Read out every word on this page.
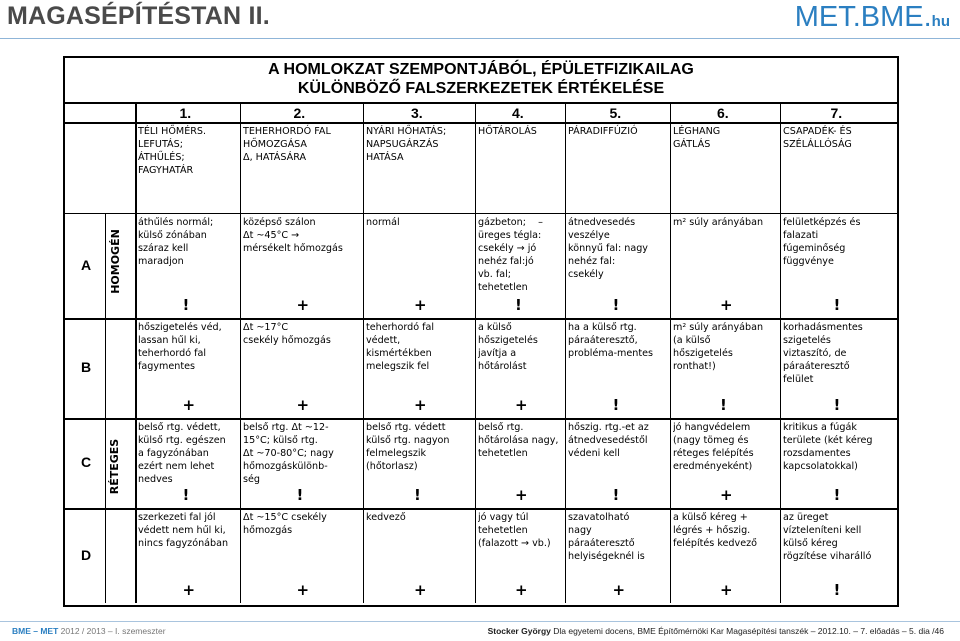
MAGASÉPÍTÉSTAN II.	MET.BME.hu
A HOMLOKZAT SZEMPONTJÁBÓL, ÉPÜLETFIZIKAILAG
KÜLÖNBÖZŐ FALSZERKEZETEK ÉRTÉKELÉSE
1.
TÉLI HŐMÉRS.
LEFUTÁS;
ÁTHŰLÉS;
FAGYHATÁR
2.
TEHERHORDÓ FAL
HŐMOZGÁSA
Δ, HATÁSÁRA
3.
NYÁRI HŐHATÁS;
NAPSUGÁRZÁS
HATÁSA
4.
HŐTÁROLÁS
5.
PÁRADIFFÚZIÓ
6.
LÉGHANG
GÁTLÁS
7.
CSAPADÉK- ÉS
SZÉLÁLLÓSÁG
HOMOGÉN
RÉTEGES
A
áthűlés normál;
külső zónában
száraz kell
maradjon
!
középső szálon
Δt ~45°C →
mérsékelt hőmozgás
+
normál
+
gázbeton;    –
üreges tégla:
csekély → jó
nehéz fal:jó
vb. fal;
tehetetlen
!
átnedvesedés
veszélye
könnyű fal: nagy
nehéz fal:
csekély
!
m² súly arányában
+
felületképzés és
falazati
fúgeminőség
függvénye
!
B
hőszigetelés véd,
lassan hűl ki,
teherhordó fal
fagymentes
+
Δt ~17°C
csekély hőmozgás
+
teherhordó fal
védett,
kismértékben
melegszik fel
+
a külső
hőszigetelés
javítja a
hőtárolást
+
ha a külső rtg.
páraáteresztő,
probléma-mentes
!
m² súly arányában
(a külső
hőszigetelés
ronthat!)
!
korhadásmentes
szigetelés
viztaszító, de
páraáteresztő
felület
!
C
belső rtg. védett,
külső rtg. egészen
a fagyzónában
ezért nem lehet
nedves
!
belső rtg. Δt ~12-
15°C; külső rtg.
Δt ~70-80°C; nagy
hőmozgáskülönb-
ség
!
belső rtg. védett
külső rtg. nagyon
felmelegszik
(hőtorlasz)
!
belső rtg.
hőtárolása nagy,
tehetetlen
+
hőszig. rtg.-et az
átnedvesedéstől
védeni kell
!
jó hangvédelem
(nagy tömeg és
réteges felépítés
eredményeként)
+
kritikus a fúgák
területe (két kéreg
rozsdamentes
kapcsolatokkal)
!
D
szerkezeti fal jól
védett nem hűl ki,
nincs fagyzónában
+
Δt ~15°C csekély
hőmozgás
+
kedvező
+
jó vagy túl
tehetetlen
(falazott → vb.)
+
szavatolható
nagy
páraáteresztő
helyiségeknél is
+
a külső kéreg +
légrés + hőszig.
felépítés kedvező
+
az üreget
vízteleníteni kell
külső kéreg
rögzítése viharálló
!
BME – MET 2012 / 2013 – I. szemeszter	Stocker György Dla egyetemi docens, BME Építőmérnöki Kar Magasépítési tanszék – 2012.10. – 7. előadás – 5. dia /46
